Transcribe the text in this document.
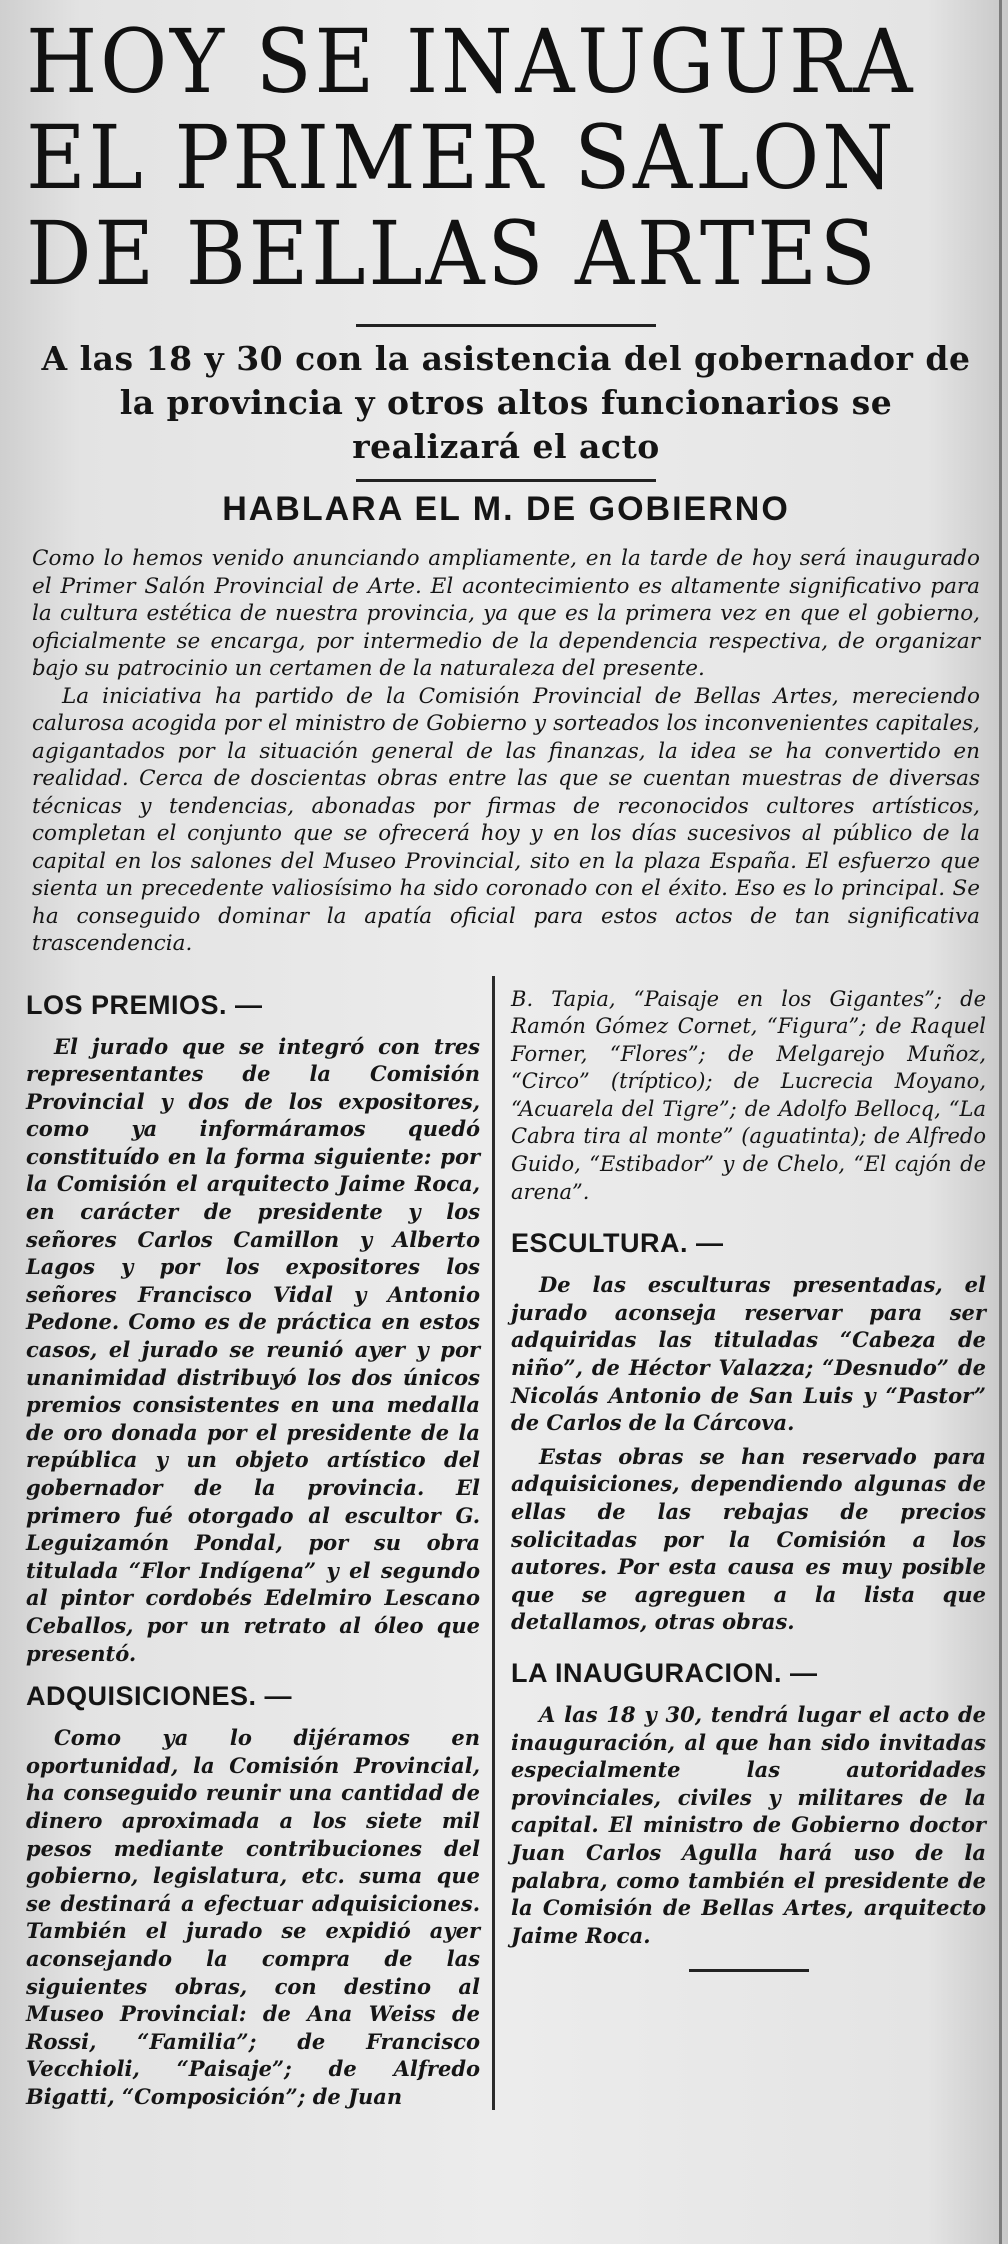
HOY SE INAUGURA
EL PRIMER SALON
DE BELLAS ARTES
A las 18 y 30 con la asistencia del gobernador de la provincia y otros altos funcionarios se realizará el acto
HABLARA EL M. DE GOBIERNO

Como lo hemos venido anunciando ampliamente, en la tarde de hoy será inaugurado el Primer Salón Provincial de Arte. El acontecimiento es altamente significativo para la cultura estética de nuestra provincia, ya que es la primera vez en que el gobierno, oficialmente se encarga, por intermedio de la dependencia respectiva, de organizar bajo su patrocinio un certamen de la naturaleza del presente.

La iniciativa ha partido de la Comisión Provincial de Bellas Artes, mereciendo calurosa acogida por el ministro de Gobierno y sorteados los inconvenientes capitales, agigantados por la situación general de las finanzas, la idea se ha convertido en realidad. Cerca de doscientas obras entre las que se cuentan muestras de diversas técnicas y tendencias, abonadas por firmas de reconocidos cultores artísticos, completan el conjunto que se ofrecerá hoy y en los días sucesivos al público de la capital en los salones del Museo Provincial, sito en la plaza España. El esfuerzo que sienta un precedente valiosísimo ha sido coronado con el éxito. Eso es lo principal. Se ha conseguido dominar la apatía oficial para estos actos de tan significativa trascendencia.

LOS PREMIOS. —

El jurado que se integró con tres representantes de la Comisión Provincial y dos de los expositores, como ya informáramos quedó constituído en la forma siguiente: por la Comisión el arquitecto Jaime Roca, en carácter de presidente y los señores Carlos Camillon y Alberto Lagos y por los expositores los señores Francisco Vidal y Antonio Pedone. Como es de práctica en estos casos, el jurado se reunió ayer y por unanimidad distribuyó los dos únicos premios consistentes en una medalla de oro donada por el presidente de la república y un objeto artístico del gobernador de la provincia. El primero fué otorgado al escultor G. Leguizamón Pondal, por su obra titulada “Flor Indígena” y el segundo al pintor cordobés Edelmiro Lescano Ceballos, por un retrato al óleo que presentó.

ADQUISICIONES. —

Como ya lo dijéramos en oportunidad, la Comisión Provincial, ha conseguido reunir una cantidad de dinero aproximada a los siete mil pesos mediante contribuciones del gobierno, legislatura, etc. suma que se destinará a efectuar adquisiciones. También el jurado se expidió ayer aconsejando la compra de las siguientes obras, con destino al Museo Provincial: de Ana Weiss de Rossi, “Familia”; de Francisco Vecchioli, “Paisaje”; de Alfredo Bigatti, “Composición”; de Juan

B. Tapia, “Paisaje en los Gigantes”; de Ramón Gómez Cornet, “Figura”; de Raquel Forner, “Flores”; de Melgarejo Muñoz, “Circo” (tríptico); de Lucrecia Moyano, “Acuarela del Tigre”; de Adolfo Bellocq, “La Cabra tira al monte” (aguatinta); de Alfredo Guido, “Estibador” y de Chelo, “El cajón de arena”.

ESCULTURA. —

De las esculturas presentadas, el jurado aconseja reservar para ser adquiridas las tituladas “Cabeza de niño”, de Héctor Valazza; “Desnudo” de Nicolás Antonio de San Luis y “Pastor” de Carlos de la Cárcova.

Estas obras se han reservado para adquisiciones, dependiendo algunas de ellas de las rebajas de precios solicitadas por la Comisión a los autores. Por esta causa es muy posible que se agreguen a la lista que detallamos, otras obras.

LA INAUGURACION. —

A las 18 y 30, tendrá lugar el acto de inauguración, al que han sido invitadas especialmente las autoridades provinciales, civiles y militares de la capital. El ministro de Gobierno doctor Juan Carlos Agulla hará uso de la palabra, como también el presidente de la Comisión de Bellas Artes, arquitecto Jaime Roca.
